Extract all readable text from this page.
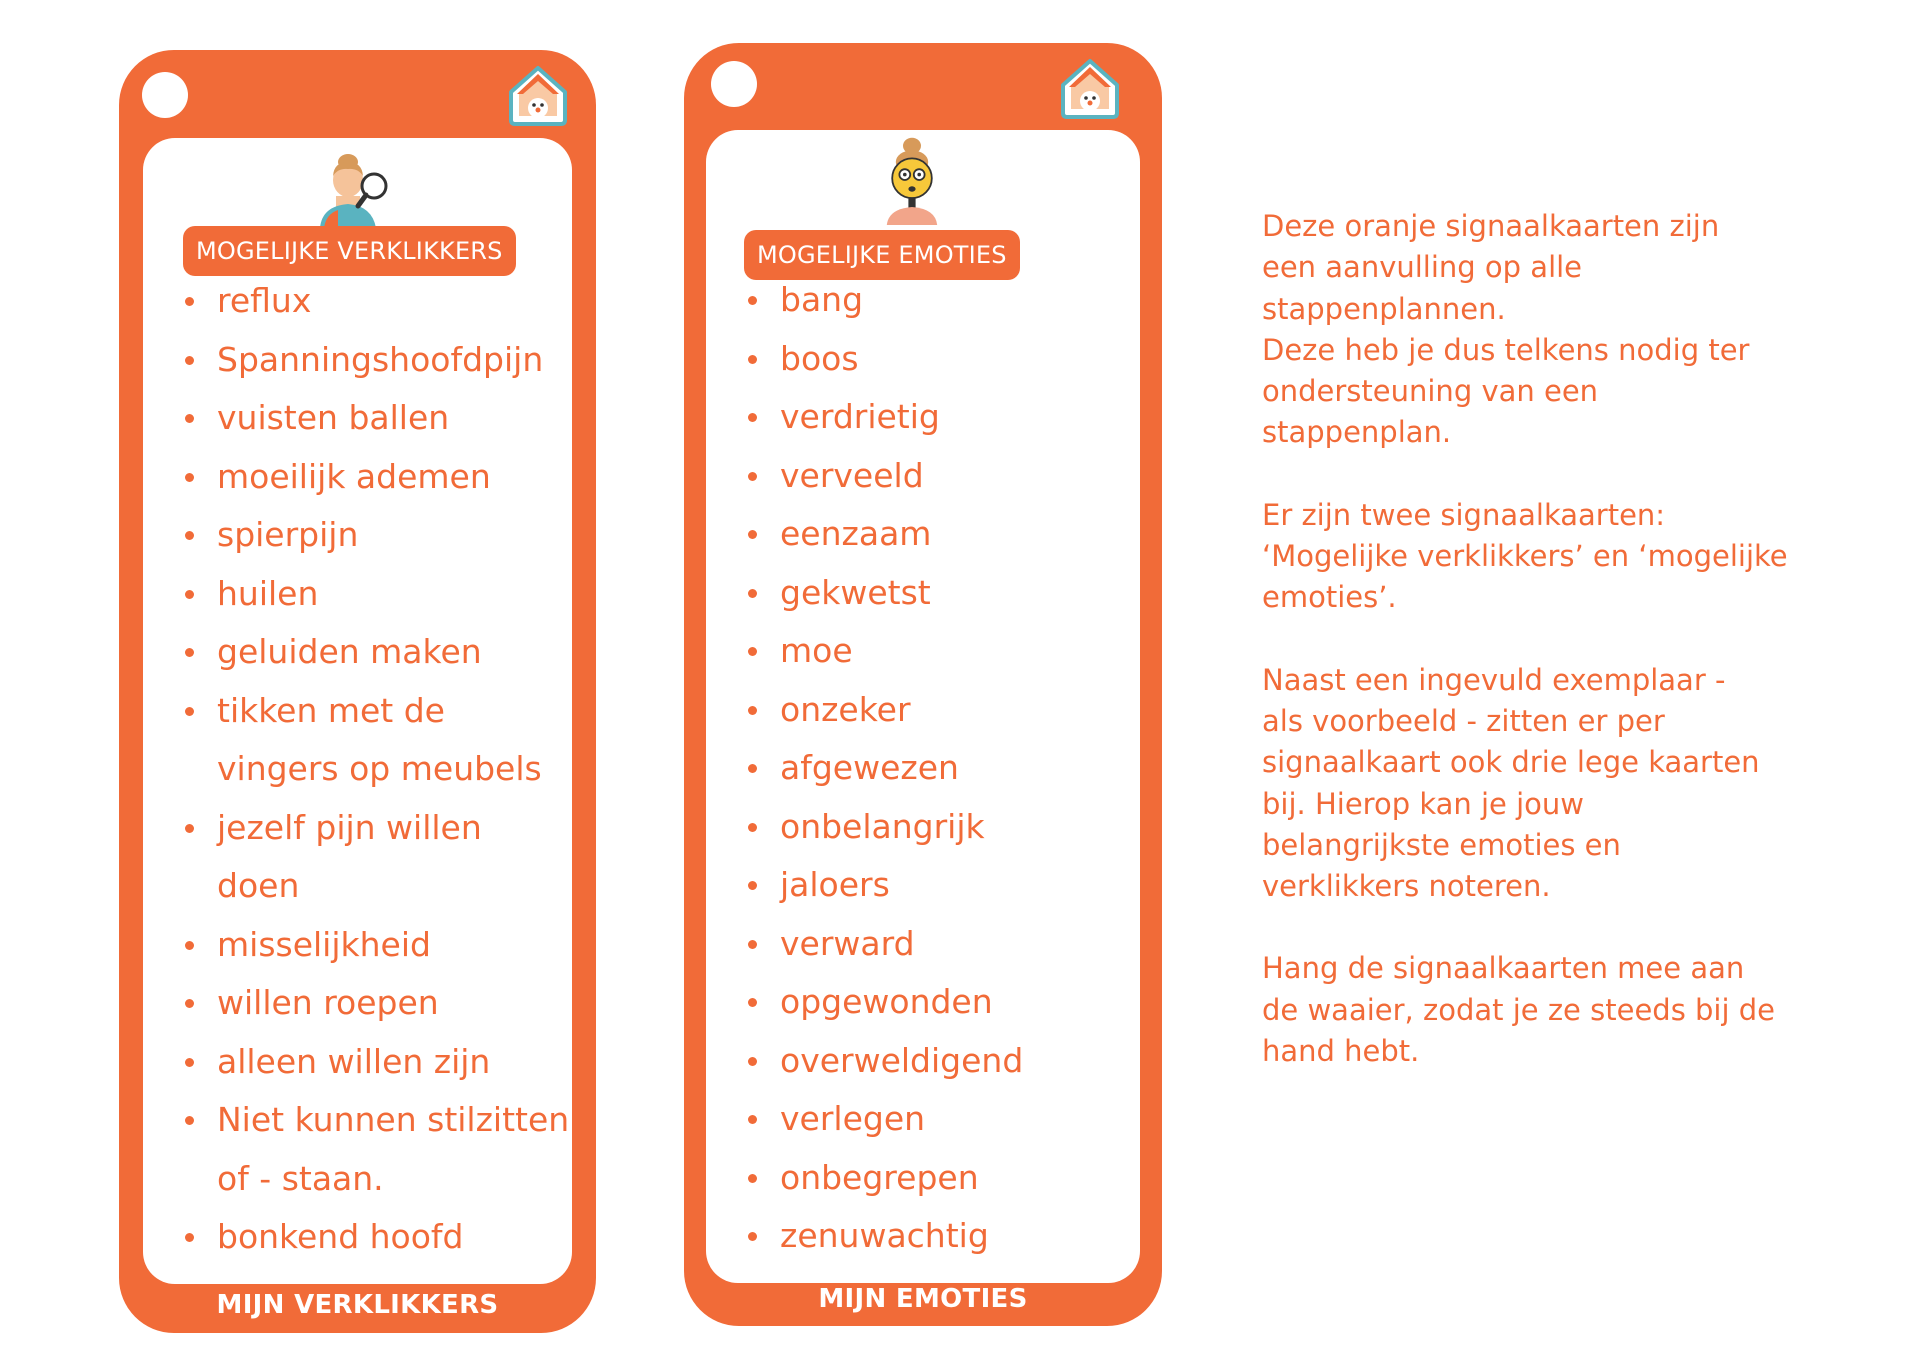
MOGELIJKE VERKLIKKERS
reflux
Spanningshoofdpijn
vuisten ballen
moeilijk ademen
spierpijn
huilen
geluiden maken
tikken met de
vingers op meubels
jezelf pijn willen
doen
misselijkheid
willen roepen
alleen willen zijn
Niet kunnen stilzitten
of - staan.
bonkend hoofd
MIJN VERKLIKKERS
MOGELIJKE EMOTIES
bang
boos
verdrietig
verveeld
eenzaam
gekwetst
moe
onzeker
afgewezen
onbelangrijk
jaloers
verward
opgewonden
overweldigend
verlegen
onbegrepen
zenuwachtig
MIJN EMOTIES

Deze oranje signaalkaarten zijn
een aanvulling op alle
stappenplannen.
Deze heb je dus telkens nodig ter
ondersteuning van een
stappenplan.

Er zijn twee signaalkaarten:
‘Mogelijke verklikkers’ en ‘mogelijke
emoties’.

Naast een ingevuld exemplaar -
als voorbeeld - zitten er per
signaalkaart ook drie lege kaarten
bij. Hierop kan je jouw
belangrijkste emoties en
verklikkers noteren.

Hang de signaalkaarten mee aan
de waaier, zodat je ze steeds bij de
hand hebt.
